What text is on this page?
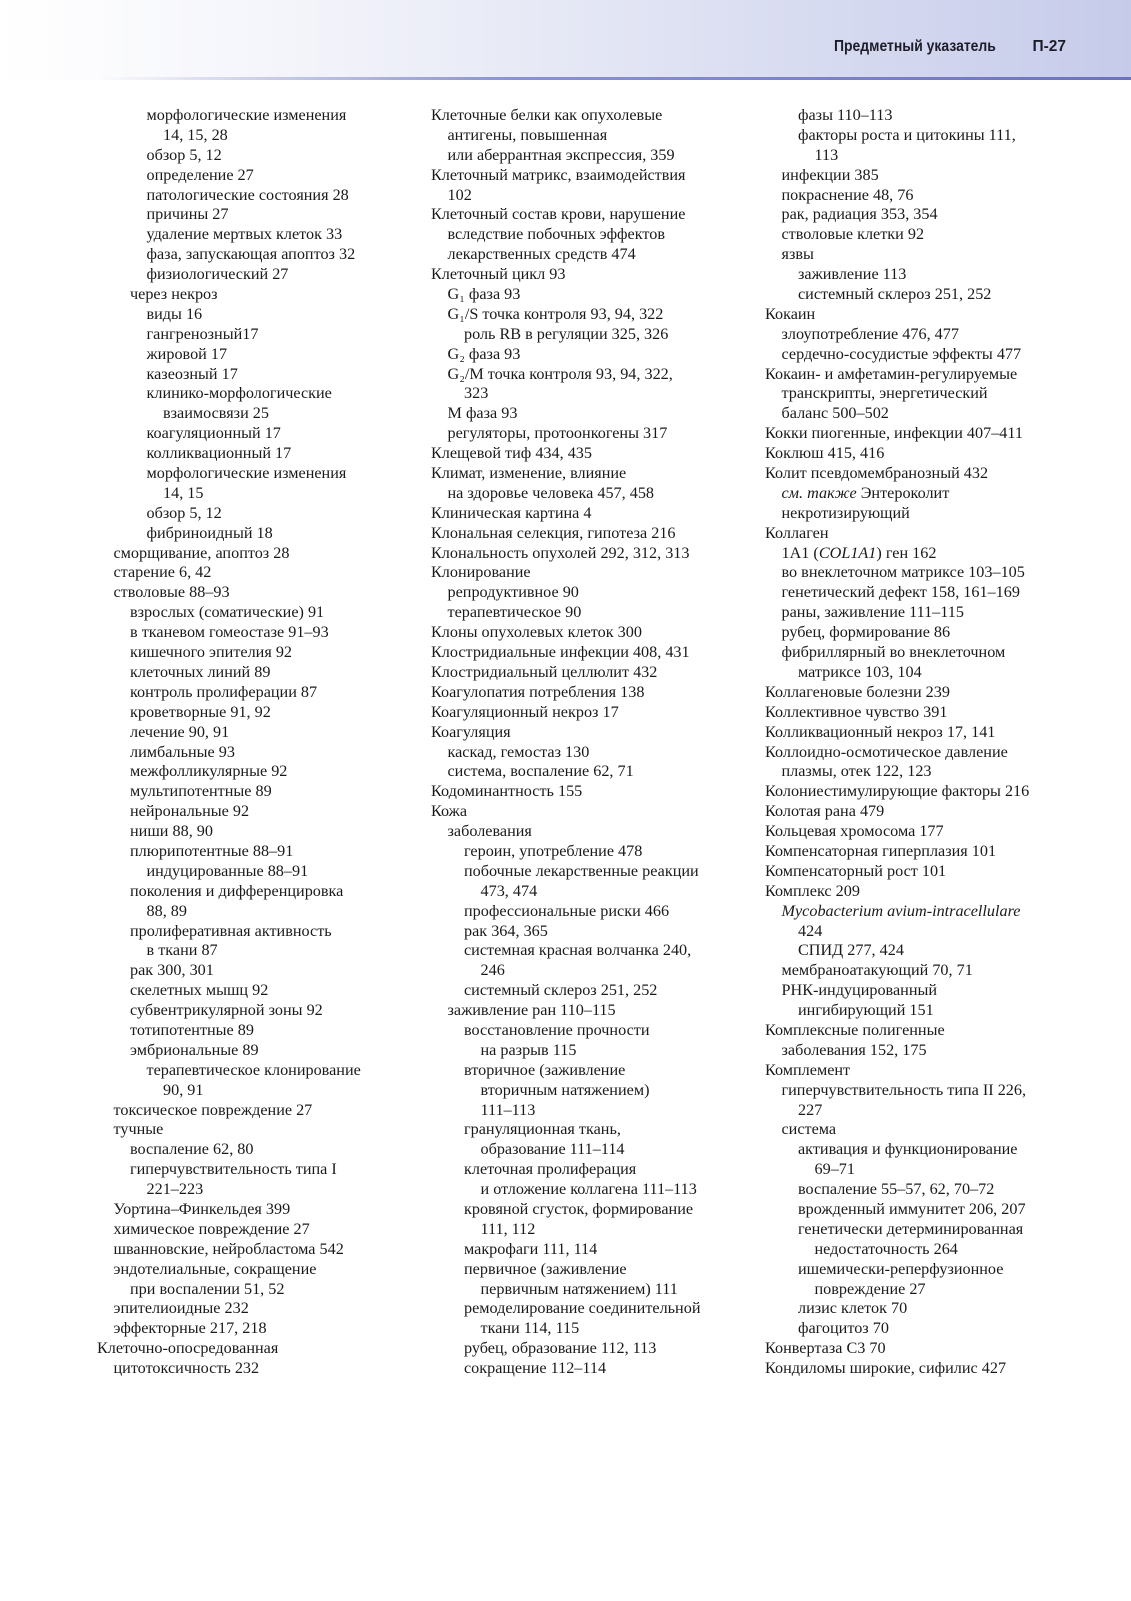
Предметный указатель П-27
морфологические изменения
14, 15, 28
обзор 5, 12
определение 27
патологические состояния 28
причины 27
удаление мертвых клеток 33
фаза, запускающая апоптоз 32
физиологический 27
через некроз
виды 16
гангренозный17
жировой 17
казеозный 17
клинико-морфологические
взаимосвязи 25
коагуляционный 17
колликвационный 17
морфологические изменения
14, 15
обзор 5, 12
фибриноидный 18
сморщивание, апоптоз 28
старение 6, 42
стволовые 88–93
взрослых (соматические) 91
в тканевом гомеостазе 91–93
кишечного эпителия 92
клеточных линий 89
контроль пролиферации 87
кроветворные 91, 92
лечение 90, 91
лимбальные 93
межфолликулярные 92
мультипотентные 89
нейрональные 92
ниши 88, 90
плюрипотентные 88–91
индуцированные 88–91
поколения и дифференцировка
88, 89
пролиферативная активность
в ткани 87
рак 300, 301
скелетных мышц 92
субвентрикулярной зоны 92
тотипотентные 89
эмбриональные 89
терапевтическое клонирование
90, 91
токсическое повреждение 27
тучные
воспаление 62, 80
гиперчувствительность типа I
221–223
Уортина–Финкельдея 399
химическое повреждение 27
шванновские, нейробластома 542
эндотелиальные, сокращение
при воспалении 51, 52
эпителиоидные 232
эффекторные 217, 218
Клеточно-опосредованная
цитотоксичность 232
Клеточные белки как опухолевые
антигены, повышенная
или аберрантная экспрессия, 359
Клеточный матрикс, взаимодействия
102
Клеточный состав крови, нарушение
вследствие побочных эффектов
лекарственных средств 474
Клеточный цикл 93
G₁ фаза 93
G₁/S точка контроля 93, 94, 322
роль RB в регуляции 325, 326
G₂ фаза 93
G₂/M точка контроля 93, 94, 322,
323
M фаза 93
регуляторы, протоонкогены 317
Клещевой тиф 434, 435
Климат, изменение, влияние
на здоровье человека 457, 458
Клиническая картина 4
Клональная селекция, гипотеза 216
Клональность опухолей 292, 312, 313
Клонирование
репродуктивное 90
терапевтическое 90
Клоны опухолевых клеток 300
Клостридиальные инфекции 408, 431
Клостридиальный целлюлит 432
Коагулопатия потребления 138
Коагуляционный некроз 17
Коагуляция
каскад, гемостаз 130
система, воспаление 62, 71
Кодоминантность 155
Кожа
заболевания
героин, употребление 478
побочные лекарственные реакции
473, 474
профессиональные риски 466
рак 364, 365
системная красная волчанка 240,
246
системный склероз 251, 252
заживление ран 110–115
восстановление прочности
на разрыв 115
вторичное (заживление
вторичным натяжением)
111–113
грануляционная ткань,
образование 111–114
клеточная пролиферация
и отложение коллагена 111–113
кровяной сгусток, формирование
111, 112
макрофаги 111, 114
первичное (заживление
первичным натяжением) 111
ремоделирование соединительной
ткани 114, 115
рубец, образование 112, 113
сокращение 112–114
фазы 110–113
факторы роста и цитокины 111,
113
инфекции 385
покраснение 48, 76
рак, радиация 353, 354
стволовые клетки 92
язвы
заживление 113
системный склероз 251, 252
Кокаин
злоупотребление 476, 477
сердечно-сосудистые эффекты 477
Кокаин- и амфетамин-регулируемые
транскрипты, энергетический
баланс 500–502
Кокки пиогенные, инфекции 407–411
Коклюш 415, 416
Колит псевдомембранозный 432
см. также Энтероколит
некротизирующий
Коллаген
1A1 (COL1A1) ген 162
во внеклеточном матриксе 103–105
генетический дефект 158, 161–169
раны, заживление 111–115
рубец, формирование 86
фибриллярный во внеклеточном
матриксе 103, 104
Коллагеновые болезни 239
Коллективное чувство 391
Колликвационный некроз 17, 141
Коллоидно-осмотическое давление
плазмы, отек 122, 123
Колониестимулирующие факторы 216
Колотая рана 479
Кольцевая хромосома 177
Компенсаторная гиперплазия 101
Компенсаторный рост 101
Комплекс 209
Mycobacterium avium-intracellulare
424
СПИД 277, 424
мембраноатакующий 70, 71
РНК-индуцированный
ингибирующий 151
Комплексные полигенные
заболевания 152, 175
Комплемент
гиперчувствительность типа II 226,
227
система
активация и функционирование
69–71
воспаление 55–57, 62, 70–72
врожденный иммунитет 206, 207
генетически детерминированная
недостаточность 264
ишемически-реперфузионное
повреждение 27
лизис клеток 70
фагоцитоз 70
Конвертаза C3 70
Кондиломы широкие, сифилис 427
